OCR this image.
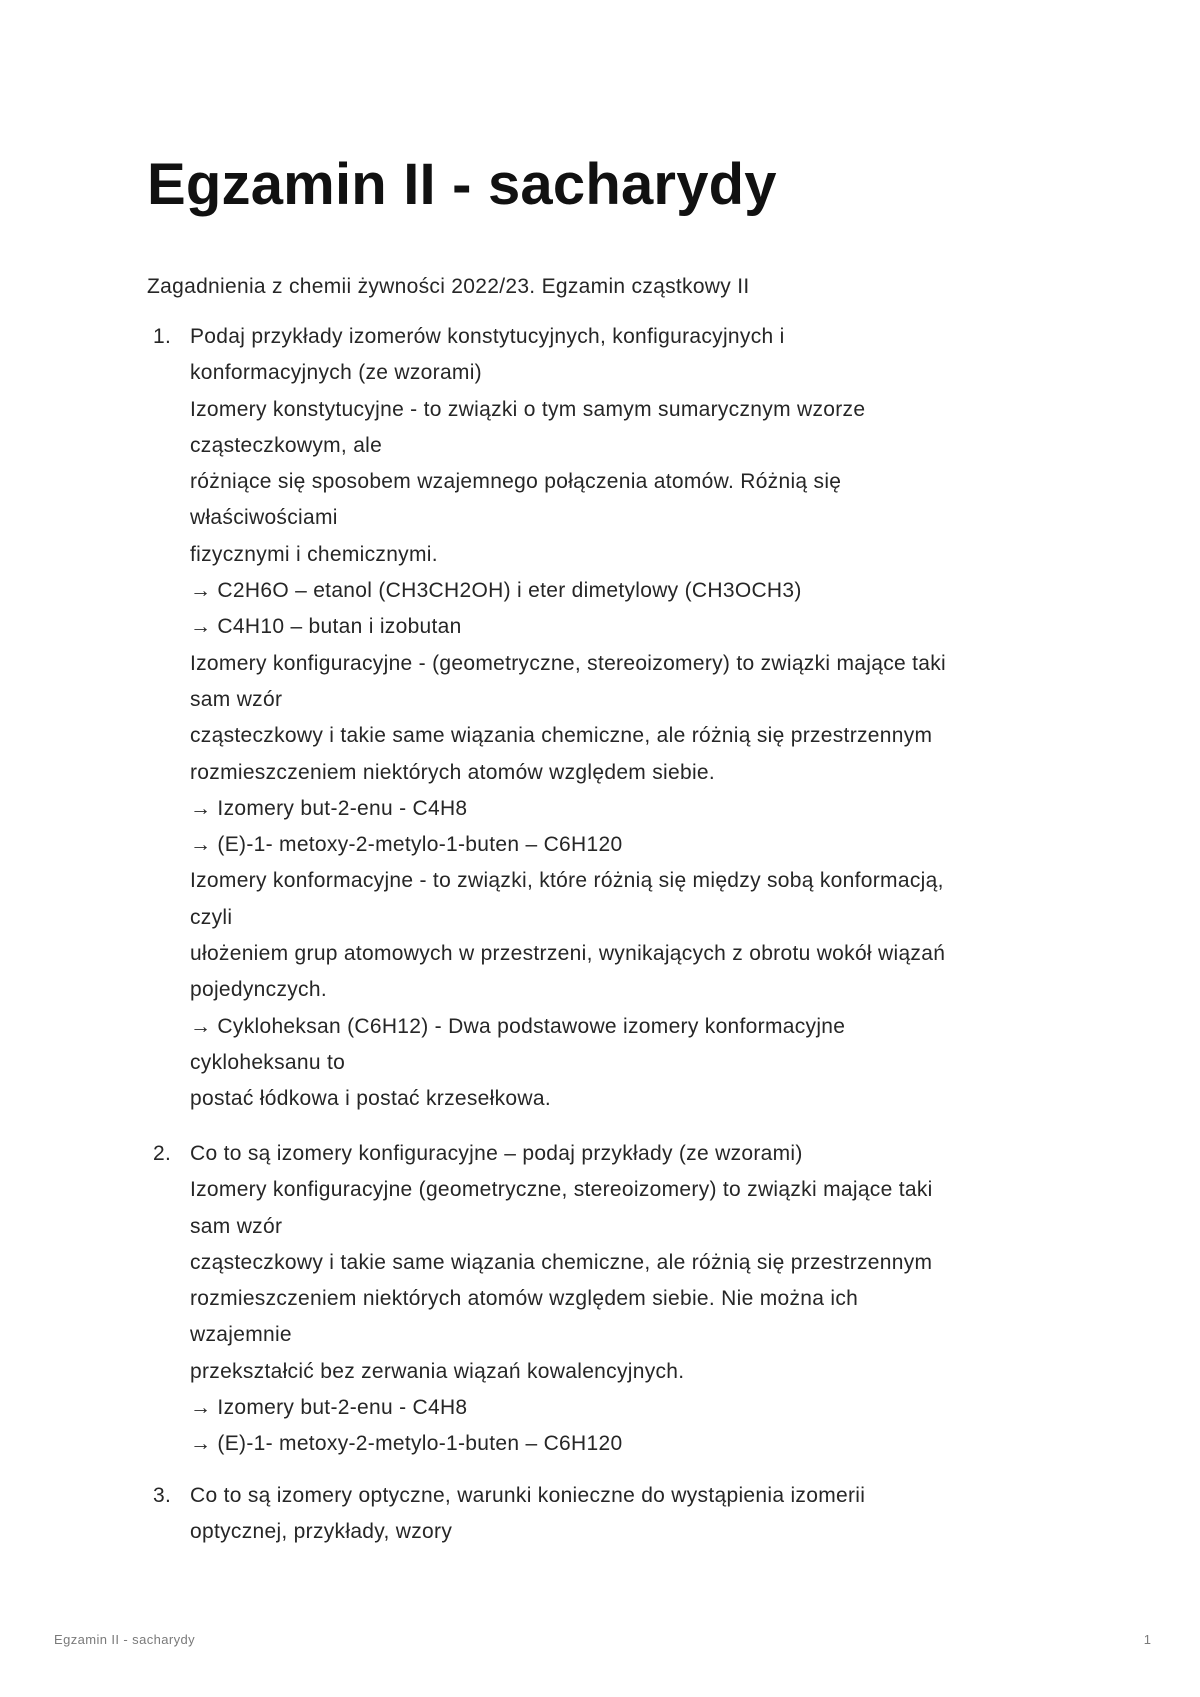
Egzamin II - sacharydy

Zagadnienia z chemii żywności 2022/23. Egzamin cząstkowy II

1. Podaj przykłady izomerów konstytucyjnych, konfiguracyjnych i
konformacyjnych (ze wzorami)
Izomery konstytucyjne - to związki o tym samym sumarycznym wzorze
cząsteczkowym, ale
różniące się sposobem wzajemnego połączenia atomów. Różnią się
właściwościami
fizycznymi i chemicznymi.
→ C2H6O – etanol (CH3CH2OH) i eter dimetylowy (CH3OCH3)
→ C4H10 – butan i izobutan
Izomery konfiguracyjne - (geometryczne, stereoizomery) to związki mające taki
sam wzór
cząsteczkowy i takie same wiązania chemiczne, ale różnią się przestrzennym
rozmieszczeniem niektórych atomów względem siebie.
→ Izomery but-2-enu - C4H8
→ (E)-1- metoxy-2-metylo-1-buten – C6H120
Izomery konformacyjne - to związki, które różnią się między sobą konformacją,
czyli
ułożeniem grup atomowych w przestrzeni, wynikających z obrotu wokół wiązań
pojedynczych.
→ Cykloheksan (C6H12) - Dwa podstawowe izomery konformacyjne
cykloheksanu to
postać łódkowa i postać krzesełkowa.
2. Co to są izomery konfiguracyjne – podaj przykłady (ze wzorami)
Izomery konfiguracyjne (geometryczne, stereoizomery) to związki mające taki
sam wzór
cząsteczkowy i takie same wiązania chemiczne, ale różnią się przestrzennym
rozmieszczeniem niektórych atomów względem siebie. Nie można ich
wzajemnie
przekształcić bez zerwania wiązań kowalencyjnych.
→ Izomery but-2-enu - C4H8
→ (E)-1- metoxy-2-metylo-1-buten – C6H120
3. Co to są izomery optyczne, warunki konieczne do wystąpienia izomerii
optycznej, przykłady, wzory
Egzamin II - sacharydy	1
